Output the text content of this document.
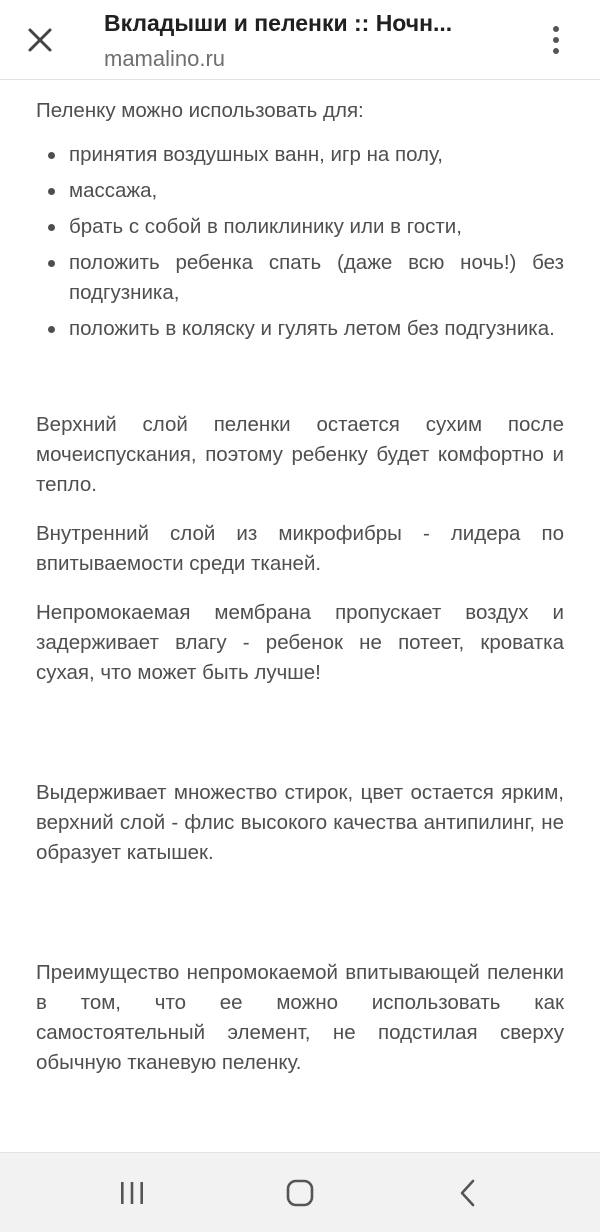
Вкладыши и пеленки :: Ночн...
mamalino.ru

Пеленку можно использовать для:

принятия воздушных ванн, игр на полу,
массажа,
брать с собой в поликлинику или в гости,
положить ребенка спать (даже всю ночь!) без подгузника,
положить в коляску и гулять летом без подгузника.

Верхний слой пеленки остается сухим после мочеиспускания, поэтому ребенку будет комфортно и тепло.

Внутренний слой из микрофибры - лидера по впитываемости среди тканей.

Непромокаемая мембрана пропускает воздух и задерживает влагу - ребенок не потеет, кроватка сухая, что может быть лучше!

Выдерживает множество стирок, цвет остается ярким, верхний слой - флис высокого качества антипилинг, не образует катышек.

Преимущество непромокаемой впитывающей пеленки в том, что ее можно использовать как самостоятельный элемент, не подстилая сверху обычную тканевую пеленку.
